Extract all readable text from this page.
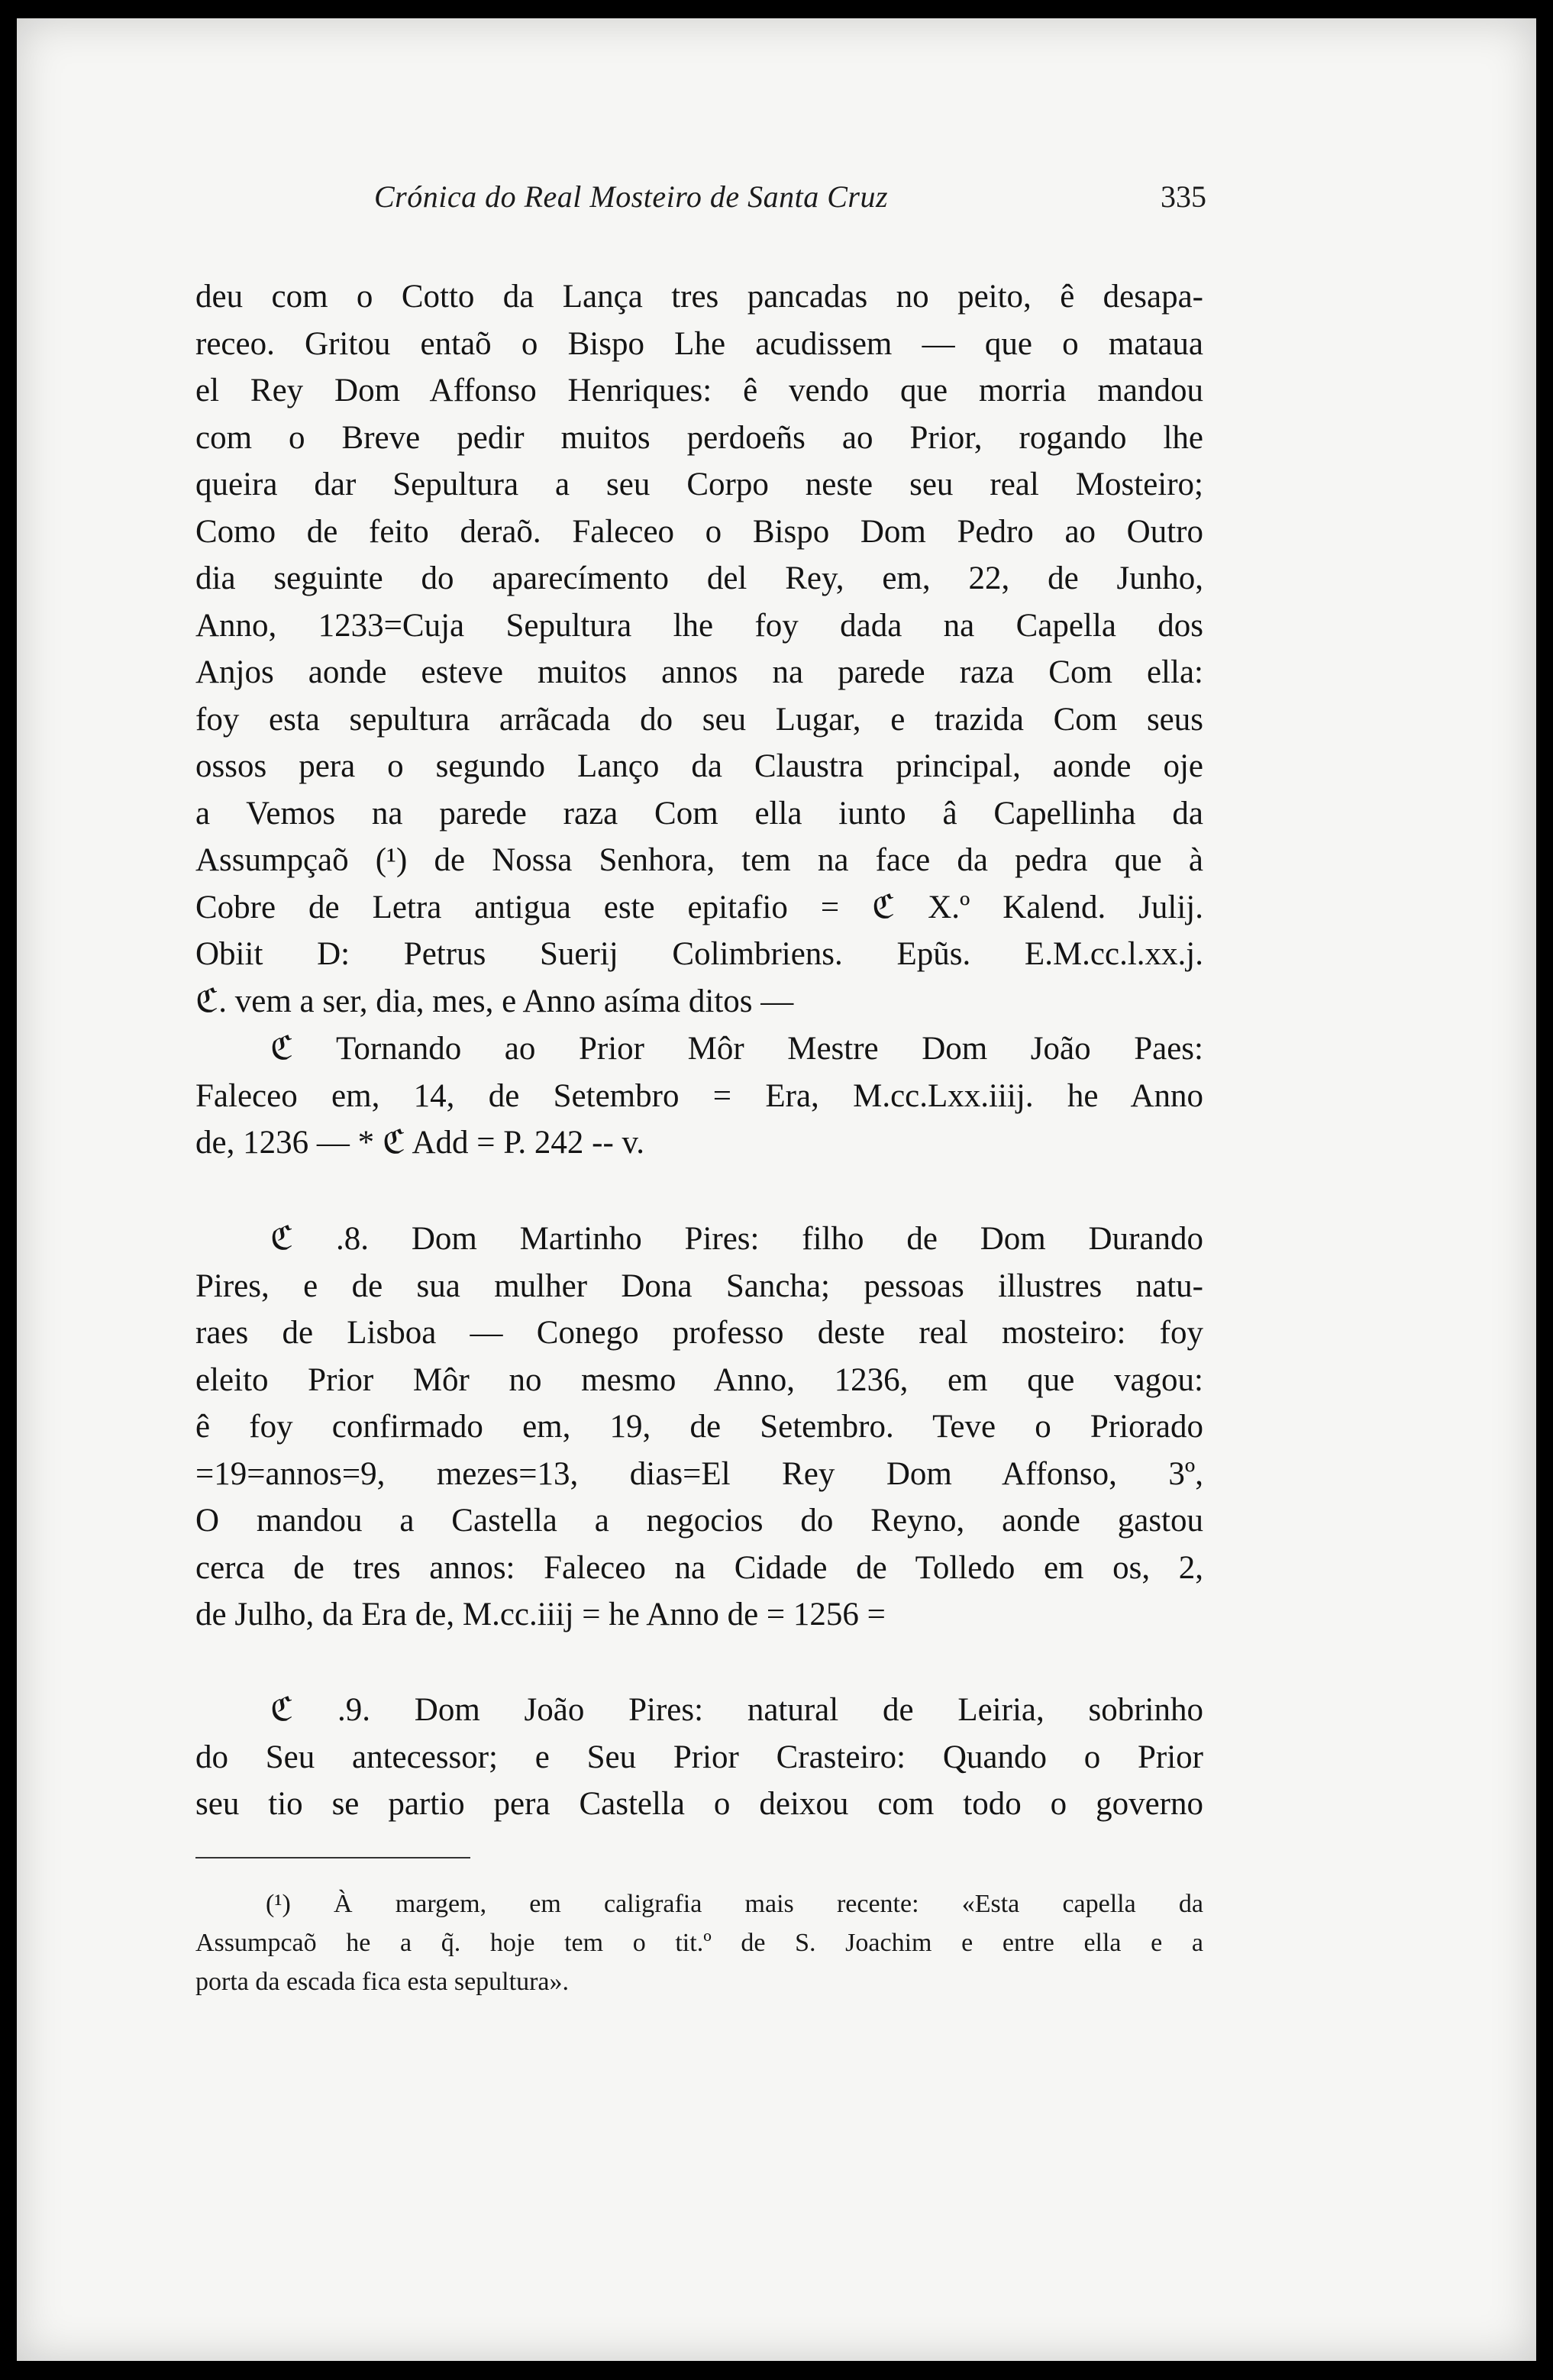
Crónica do Real Mosteiro de Santa Cruz	335
deu com o Cotto da Lança tres pancadas no peito, ê desapa-
receo. Gritou entaõ o Bispo Lhe acudissem — que o mataua
el Rey Dom Affonso Henriques: ê vendo que morria mandou
com o Breve pedir muitos perdoeñs ao Prior, rogando lhe
queira dar Sepultura a seu Corpo neste seu real Mosteiro;
Como de feito deraõ. Faleceo o Bispo Dom Pedro ao Outro
dia seguinte do aparecímento del Rey, em, 22, de Junho,
Anno, 1233=Cuja Sepultura lhe foy dada na Capella dos
Anjos aonde esteve muitos annos na parede raza Com ella:
foy esta sepultura arrãcada do seu Lugar, e trazida Com seus
ossos pera o segundo Lanço da Claustra principal, aonde oje
a Vemos na parede raza Com ella iunto â Capellinha da
Assumpçaõ (¹) de Nossa Senhora, tem na face da pedra que à
Cobre de Letra antigua este epitafio = ℭ X.º Kalend. Julij.
Obiit D: Petrus Suerij Colimbriens. Epũs. E.M.cc.l.xx.j.
ℭ. vem a ser, dia, mes, e Anno asíma ditos —
ℭ Tornando ao Prior Môr Mestre Dom João Paes:
Faleceo em, 14, de Setembro = Era, M.cc.Lxx.iiij. he Anno
de, 1236 — * ℭ Add = P. 242 -- v.
ℭ .8. Dom Martinho Pires: filho de Dom Durando
Pires, e de sua mulher Dona Sancha; pessoas illustres natu-
raes de Lisboa — Conego professo deste real mosteiro: foy
eleito Prior Môr no mesmo Anno, 1236, em que vagou:
ê foy confirmado em, 19, de Setembro. Teve o Priorado
=19=annos=9, mezes=13, dias=El Rey Dom Affonso, 3º,
O mandou a Castella a negocios do Reyno, aonde gastou
cerca de tres annos: Faleceo na Cidade de Tolledo em os, 2,
de Julho, da Era de, M.cc.iiij = he Anno de = 1256 =
ℭ .9. Dom João Pires: natural de Leiria, sobrinho
do Seu antecessor; e Seu Prior Crasteiro: Quando o Prior
seu tio se partio pera Castella o deixou com todo o governo
(¹) À margem, em caligrafia mais recente: «Esta capella da
Assumpcaõ he a q̃. hoje tem o tit.º de S. Joachim e entre ella e a
porta da escada fica esta sepultura».
